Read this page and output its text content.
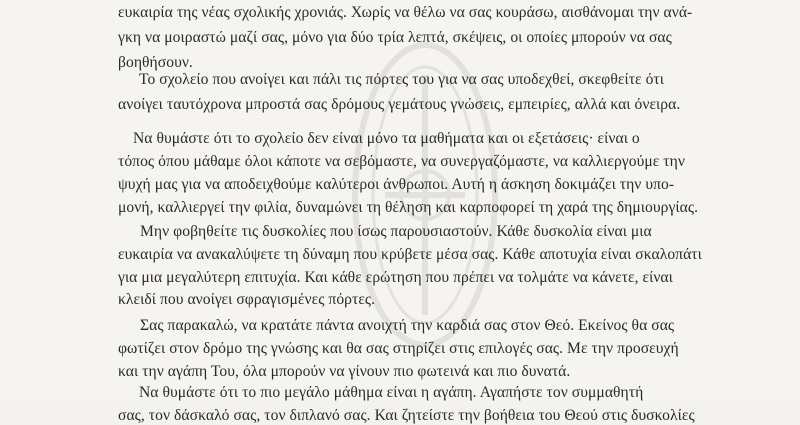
ευκαιρία της νέας σχολικής χρονιάς. Χωρίς να θέλω να σας κουράσω, αισθάνομαι την ανά-
γκη να μοιραστώ μαζί σας, μόνο για δύο τρία λεπτά, σκέψεις, οι οποίες μπορούν να σας
βοηθήσουν.
Το σχολείο που ανοίγει και πάλι τις πόρτες του για να σας υποδεχθεί, σκεφθείτε ότι
ανοίγει ταυτόχρονα μπροστά σας δρόμους γεμάτους γνώσεις, εμπειρίες, αλλά και όνειρα.
Να θυμάστε ότι το σχολείο δεν είναι μόνο τα μαθήματα και οι εξετάσεις· είναι ο
τόπος όπου μάθαμε όλοι κάποτε να σεβόμαστε, να συνεργαζόμαστε, να καλλιεργούμε την
ψυχή μας για να αποδειχθούμε καλύτεροι άνθρωποι. Αυτή η άσκηση δοκιμάζει την υπο-
μονή, καλλιεργεί την φιλία, δυναμώνει τη θέληση και καρποφορεί τη χαρά της δημιουργίας.
Μην φοβηθείτε τις δυσκολίες που ίσως παρουσιαστούν. Κάθε δυσκολία είναι μια
ευκαιρία να ανακαλύψετε τη δύναμη που κρύβετε μέσα σας. Κάθε αποτυχία είναι σκαλοπάτι
για μια μεγαλύτερη επιτυχία. Και κάθε ερώτηση που πρέπει να τολμάτε να κάνετε, είναι
κλειδί που ανοίγει σφραγισμένες πόρτες.
Σας παρακαλώ, να κρατάτε πάντα ανοιχτή την καρδιά σας στον Θεό. Εκείνος θα σας
φωτίζει στον δρόμο της γνώσης και θα σας στηρίζει στις επιλογές σας. Με την προσευχή
και την αγάπη Του, όλα μπορούν να γίνουν πιο φωτεινά και πιο δυνατά.
Να θυμάστε ότι το πιο μεγάλο μάθημα είναι η αγάπη. Αγαπήστε τον συμμαθητή
σας, τον δάσκαλό σας, τον διπλανό σας. Και ζητείστε την βοήθεια του Θεού στις δυσκολίες
